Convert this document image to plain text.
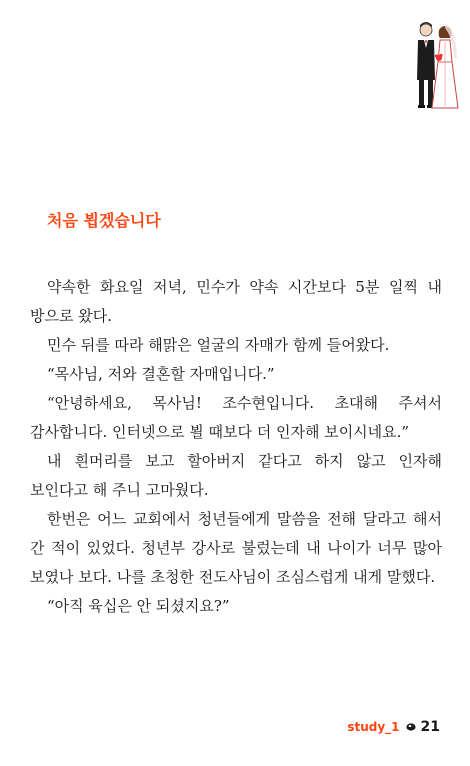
처음 뵙겠습니다

약속한 화요일 저녁, 민수가 약속 시간보다 5분 일찍 내 방으로 왔다.

민수 뒤를 따라 해맑은 얼굴의 자매가 함께 들어왔다.

“목사님, 저와 결혼할 자매입니다.”

“안녕하세요, 목사님! 조수현입니다. 초대해 주셔서 감사합니다. 인터넷으로 뵐 때보다 더 인자해 보이시네요.”

내 흰머리를 보고 할아버지 같다고 하지 않고 인자해 보인다고 해 주니 고마웠다.

한번은 어느 교회에서 청년들에게 말씀을 전해 달라고 해서 간 적이 있었다. 청년부 강사로 불렀는데 내 나이가 너무 많아 보였나 보다. 나를 초청한 전도사님이 조심스럽게 내게 말했다.

“아직 육십은 안 되셨지요?”

study_1 21
